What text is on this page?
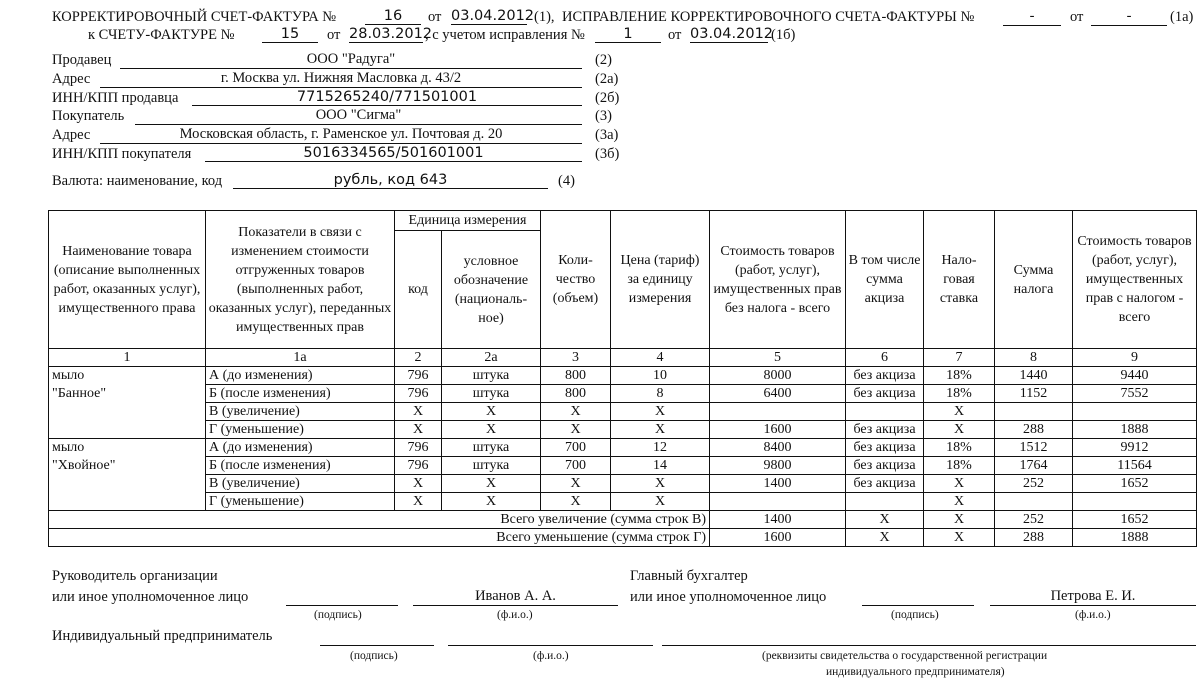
КОРРЕКТИРОВОЧНЫЙ СЧЕТ-ФАКТУРА №	16	от 03.04.2012 (1), ИСПРАВЛЕНИЕ КОРРЕКТИРОВОЧНОГО СЧЕТА-ФАКТУРЫ №	-	от	-	(1а)
к СЧЕТУ-ФАКТУРЕ №	15	от 28.03.2012
, с учетом исправления №	1	от 03.04.2012
(1б)
Продавец	ООО "Радуга"	(2)
Адрес	г. Москва ул. Нижняя Масловка д. 43/2	(2а)
ИНН/КПП продавца	7715265240/771501001	(2б)
Покупатель	ООО "Сигма"	(3)
Адрес	Московская область, г. Раменское ул. Почтовая д. 20	(3а)
ИНН/КПП покупателя	5016334565/501601001	(3б)
Валюта: наименование, код	рубль, код 643	(4)
Наименование товара (описание выполненных работ, оказанных услуг), имущественного права	Показатели в связи с изменением стоимости отгруженных товаров (выполненных работ, оказанных услуг), переданных имущественных прав	Единица измерения		Коли-чество (объем)	Цена (тариф) за единицу измерения	Стоимость товаров (работ, услуг), имущественных прав без налога - всего	В том числе сумма акциза	Нало-говая ставка	Сумма налога	Стоимость товаров (работ, услуг), имущественных прав с налогом - всего
		код	условное обозначение (националь-ное)							
1	1а	2	2а	3	4	5	6	7	8	9
мыло	А (до изменения)	796	штука	800	10	8000	без акциза	18%	1440	9440
"Банное"	Б (после изменения)	796	штука	800	8	6400	без акциза	18%	1152	7552
	В (увеличение)	X	X	X	X			X		
	Г (уменьшение)	X	X	X	X	1600	без акциза	X	288	1888
мыло	А (до изменения)	796	штука	700	12	8400	без акциза	18%	1512	9912
"Хвойное"	Б (после изменения)	796	штука	700	14	9800	без акциза	18%	1764	11564
	В (увеличение)	X	X	X	X	1400	без акциза	X	252	1652
	Г (уменьшение)	X	X	X	X			X		
Всего увеличение (сумма строк В)						1400	X	X	252	1652
Всего уменьшение (сумма строк Г)						1600	X	X	288	1888
Руководитель организации
или иное уполномоченное лицо	Иванов А. А.
(подпись)	(ф.и.о.)
Главный бухгалтер
или иное уполномоченное лицо	Петрова Е. И.
(подпись)	(ф.и.о.)
Индивидуальный предприниматель
(подпись)	(ф.и.о.)	(реквизиты свидетельства о государственной регистрации
индивидуального предпринимателя)
